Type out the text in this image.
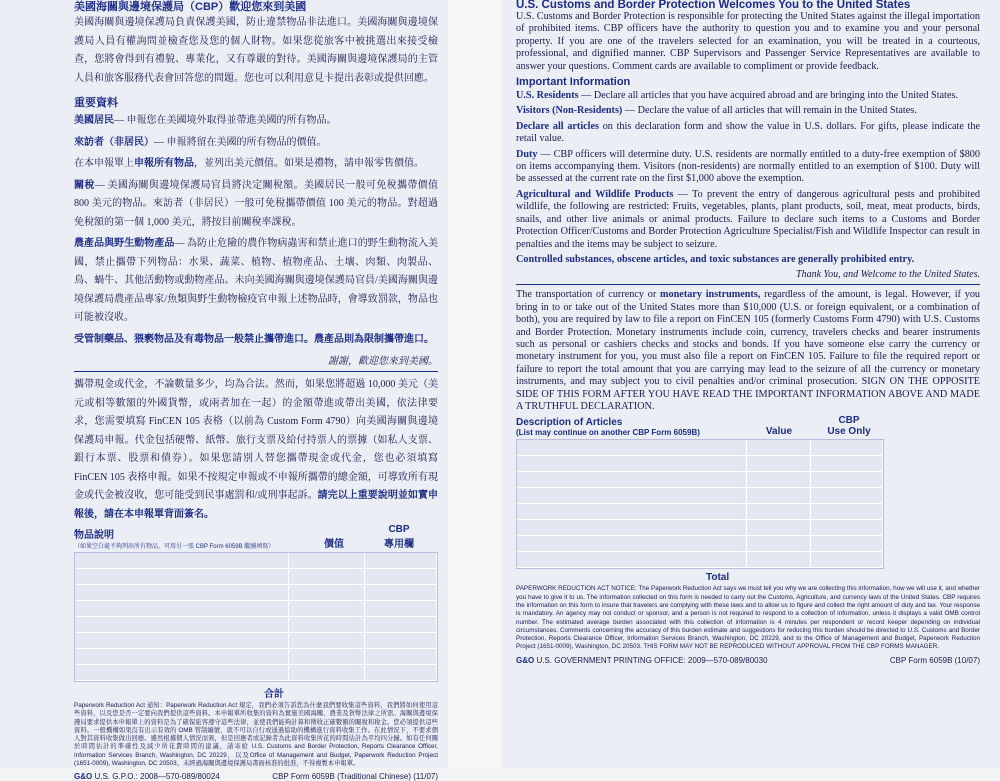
美國海關與邊境保護局（CBP）歡迎您來到美國

美國海關與邊境保護局負責保護美國，防止違禁物品非法進口。美國海關與邊境保護局人員有權詢問並檢查您及您的個人財物。如果您從旅客中被挑選出來接受檢查，您將會得到有禮貌、專業化，又有尊嚴的對待。美國海關與邊境保護局的主管人員和旅客服務代表會回答您的問題。您也可以利用意見卡提出表彰或提供回應。

重要資料

美國居民— 申報您在美國境外取得並帶進美國的所有物品。

來訪者（非居民）— 申報將留在美國的所有物品的價值。

在本申報單上申報所有物品，並列出美元價值。如果是禮物，請申報零售價值。

關稅— 美國海關與邊境保護局官員將決定關稅額。美國居民一般可免稅攜帶價值 800 美元的物品。來訪者（非居民）一般可免稅攜帶價值 100 美元的物品。對超過免稅額的第一個 1,000 美元，將按目前關稅率課稅。

農產品與野生動物產品— 為防止危險的農作物病蟲害和禁止進口的野生動物流入美國，禁止攜帶下列物品：水果、蔬菜、植物、植物產品、土壤、肉類、肉製品、鳥、蝸牛、其他活動物或動物產品。未向美國海關與邊境保護局官員/美國海關與邊境保護局農產品專家/魚類與野生動物檢疫官申報上述物品時，會導致罰款，物品也可能被沒收。

受管制藥品、猥褻物品及有毒物品一般禁止攜帶進口。農產品則為限制攜帶進口。

謝謝，歡迎您來到美國。

攜帶現金或代金，不論數量多少，均為合法。然而，如果您將超過 10,000 美元（美元或相等數額的外國貨幣，或兩者加在一起）的金額帶進或帶出美國，依法律要求，您需要填寫 FinCEN 105 表格（以前為 Custom Form 4790）向美國海關與邊境保護局申報。代金包括硬幣、紙幣、旅行支票及給付持票人的票據（如私人支票、銀行本票、股票和債券）。如果您請別人替您攜帶現金或代金，您也必須填寫 FinCEN 105 表格申報。如果不按規定申報或不申報所攜帶的總金額，可導致所有現金或代金被沒收，您可能受到民事處罰和/或刑事起訴。請完以上重要說明並如實申報後，請在本申報單背面簽名。

物品說明
（如果空白處不夠列出所有物品，可用另一張 CBP Form 6059B 繼續填寫）	價值
CBP
專用欄
合計

Paperwork Reduction Act 通知：Paperwork Reduction Act 規定，我們必須告訴您為什麼我們要收集這些資料，我們將如何使用這些資料，以及您是否一定要向我們提供這些資料。本申報單所收集的資料為實施美國海關、農業及貨幣法律之所需。海關與邊境保護局要求提供本申報單上的資料是為了確保旅客遵守這些法律，並使我們能夠計算和徵收正確數額的關稅和稅金。您必須提供這些資料。一般機構如果沒有出示有效的 OMB 管制編號，就不可以自行或通過協助的機構進行資料收集工作。在此情況下，不要求個人對其資料收集做出回應。雖然根據個人情況而異，但是回應者或記錄者為此資料收集所花的時間估計為平均四分鐘。如有任何關於時間估計的準確性及減少所花費時間的建議，請寄給 U.S. Customs and Border Protection, Reports Clearance Officer, Information Services Branch, Washington, DC 20229，以及Office of Management and Budget, Paperwork Reduction Project (1651-0009), Washington, DC 20503。未經過海關與邊境保護局書面核准的批准，不得複製本申報單。

G&O U.S. G.P.O.: 2008—570-089/80024	CBP Form 6059B (Traditional Chinese) (11/07)

U.S. Customs and Border Protection Welcomes You to the United States

U.S. Customs and Border Protection is responsible for protecting the United States against the illegal importation of prohibited items. CBP officers have the authority to question you and to examine you and your personal property. If you are one of the travelers selected for an examination, you will be treated in a courteous, professional, and dignified manner. CBP Supervisors and Passenger Service Representatives are available to answer your questions. Comment cards are available to compliment or provide feedback.

Important Information

U.S. Residents — Declare all articles that you have acquired abroad and are bringing into the United States.

Visitors (Non-Residents) — Declare the value of all articles that will remain in the United States.

Declare all articles on this declaration form and show the value in U.S. dollars. For gifts, please indicate the retail value.

Duty — CBP officers will determine duty. U.S. residents are normally entitled to a duty-free exemption of $800 on items accompanying them. Visitors (non-residents) are normally entitled to an exemption of $100. Duty will be assessed at the current rate on the first $1,000 above the exemption.

Agricultural and Wildlife Products — To prevent the entry of dangerous agricultural pests and prohibited wildlife, the following are restricted: Fruits, vegetables, plants, plant products, soil, meat, meat products, birds, snails, and other live animals or animal products. Failure to declare such items to a Customs and Border Protection Officer/Customs and Border Protection Agriculture Specialist/Fish and Wildlife Inspector can result in penalties and the items may be subject to seizure.

Controlled substances, obscene articles, and toxic substances are generally prohibited entry.

Thank You, and Welcome to the United States.

The transportation of currency or monetary instruments, regardless of the amount, is legal. However, if you bring in to or take out of the United States more than $10,000 (U.S. or foreign equivalent, or a combination of both), you are required by law to file a report on FinCEN 105 (formerly Customs Form 4790) with U.S. Customs and Border Protection. Monetary instruments include coin, currency, travelers checks and bearer instruments such as personal or cashiers checks and stocks and bonds. If you have someone else carry the currency or monetary instrument for you, you must also file a report on FinCEN 105. Failure to file the required report or failure to report the total amount that you are carrying may lead to the seizure of all the currency or monetary instruments, and may subject you to civil penalties and/or criminal prosecution. SIGN ON THE OPPOSITE SIDE OF THIS FORM AFTER YOU HAVE READ THE IMPORTANT INFORMATION ABOVE AND MADE A TRUTHFUL DECLARATION.

Description of Articles
(List may continue on another CBP Form 6059B)	Value
CBP
Use Only
Total

PAPERWORK REDUCTION ACT NOTICE: The Paperwork Reduction Act says we must tell you why we are collecting this information, how we will use it, and whether you have to give it to us. The information collected on this form is needed to carry out the Customs, Agriculture, and currency laws of the United States. CBP requires the information on this form to insure that travelers are complying with these laws and to allow us to figure and collect the right amount of duty and tax. Your response is mandatory. An agency may not conduct or sponsor, and a person is not required to respond to a collection of information, unless it displays a valid OMB control number. The estimated average burden associated with this collection of information is 4 minutes per respondent or record keeper depending on individual circumstances. Comments concerning the accuracy of this burden estimate and suggestions for reducing this burden should be directed to U.S. Customs and Border Protection, Reports Clearance Officer, Information Services Branch, Washington, DC 20229, and to the Office of Management and Budget, Paperwork Reduction Project (1651-0009), Washington, DC 20503. THIS FORM MAY NOT BE REPRODUCED WITHOUT APPROVAL FROM THE CBP FORMS MANAGER.

G&O U.S. GOVERNMENT PRINTING OFFICE: 2009—570-089/80030	CBP Form 6059B (10/07)
